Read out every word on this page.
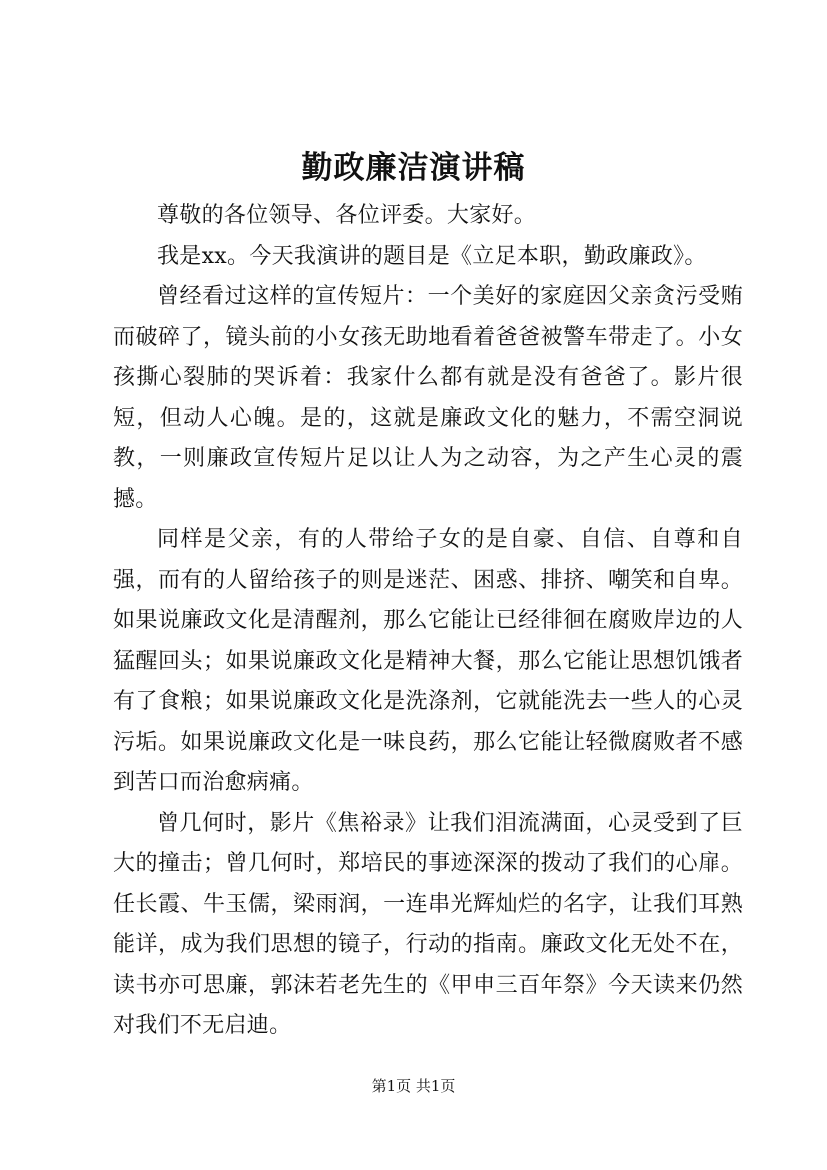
勤政廉洁演讲稿

尊敬的各位领导、各位评委。大家好。

我是xx。今天我演讲的题目是《立足本职，勤政廉政》。

曾经看过这样的宣传短片：一个美好的家庭因父亲贪污受贿而破碎了，镜头前的小女孩无助地看着爸爸被警车带走了。小女孩撕心裂肺的哭诉着：我家什么都有就是没有爸爸了。影片很短，但动人心魄。是的，这就是廉政文化的魅力，不需空洞说教，一则廉政宣传短片足以让人为之动容，为之产生心灵的震撼。

同样是父亲，有的人带给子女的是自豪、自信、自尊和自强，而有的人留给孩子的则是迷茫、困惑、排挤、嘲笑和自卑。如果说廉政文化是清醒剂，那么它能让已经徘徊在腐败岸边的人猛醒回头；如果说廉政文化是精神大餐，那么它能让思想饥饿者有了食粮；如果说廉政文化是洗涤剂，它就能洗去一些人的心灵污垢。如果说廉政文化是一味良药，那么它能让轻微腐败者不感到苦口而治愈病痛。

曾几何时，影片《焦裕录》让我们泪流满面，心灵受到了巨大的撞击；曾几何时，郑培民的事迹深深的拨动了我们的心扉。任长霞、牛玉儒，梁雨润，一连串光辉灿烂的名字，让我们耳熟能详，成为我们思想的镜子，行动的指南。廉政文化无处不在，读书亦可思廉，郭沫若老先生的《甲申三百年祭》今天读来仍然对我们不无启迪。

第1页 共1页
